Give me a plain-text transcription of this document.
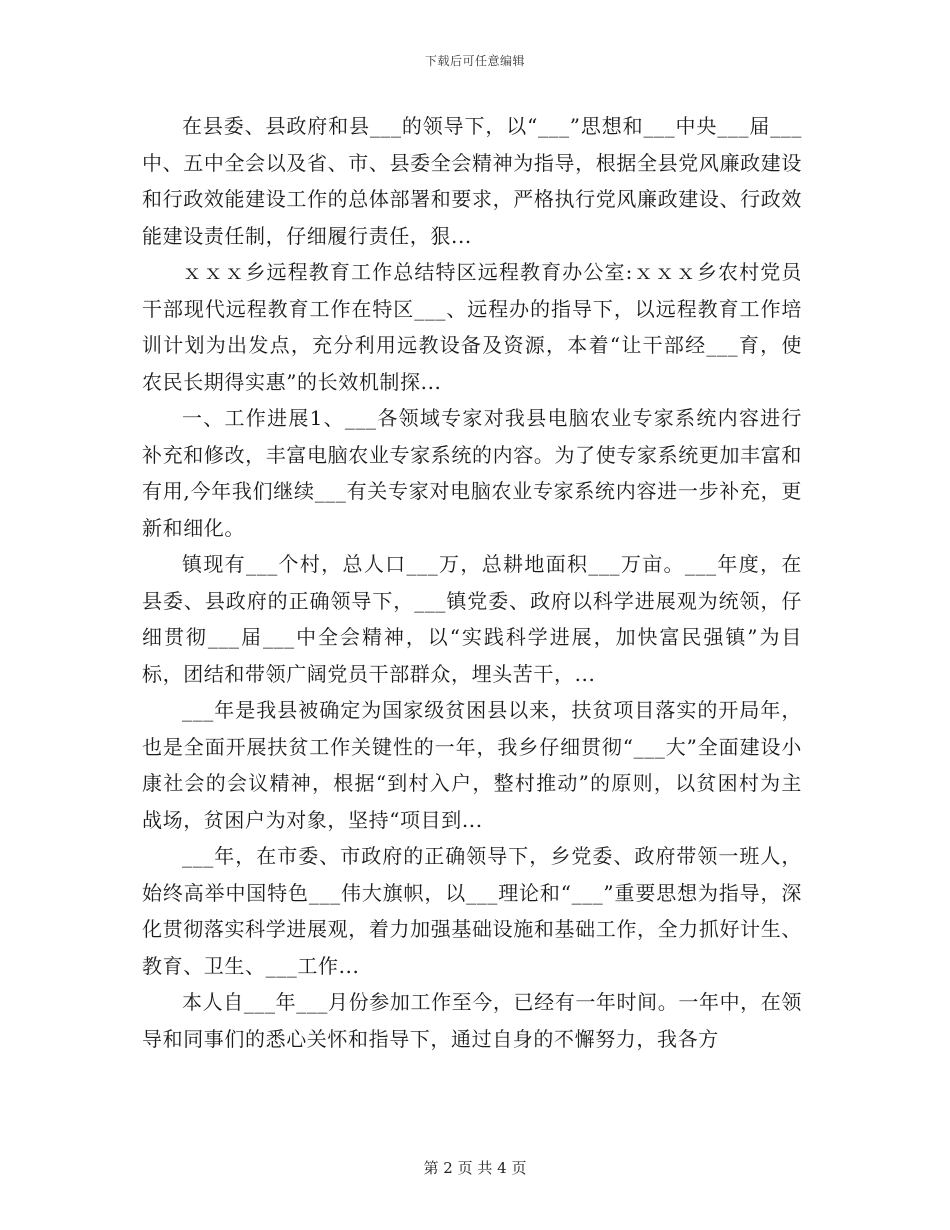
下载后可任意编辑

在县委、县政府和县___的领导下，以“___”思想和___中央___届___中、五中全会以及省、市、县委全会精神为指导，根据全县党风廉政建设和行政效能建设工作的总体部署和要求，严格执行党风廉政建设、行政效能建设责任制，仔细履行责任，狠...

ｘｘｘ乡远程教育工作总结特区远程教育办公室:ｘｘｘ乡农村党员干部现代远程教育工作在特区___、远程办的指导下，以远程教育工作培训计划为出发点，充分利用远教设备及资源，本着“让干部经___育，使农民长期得实惠”的长效机制探...

一、工作进展1、___各领域专家对我县电脑农业专家系统内容进行补充和修改，丰富电脑农业专家系统的内容。为了使专家系统更加丰富和有用,今年我们继续___有关专家对电脑农业专家系统内容进一步补充，更新和细化。

镇现有___个村，总人口___万，总耕地面积___万亩。___年度，在县委、县政府的正确领导下，___镇党委、政府以科学进展观为统领，仔细贯彻___届___中全会精神，以“实践科学进展，加快富民强镇”为目标，团结和带领广阔党员干部群众，埋头苦干，...

___年是我县被确定为国家级贫困县以来，扶贫项目落实的开局年，也是全面开展扶贫工作关键性的一年，我乡仔细贯彻“___大”全面建设小康社会的会议精神，根据“到村入户，整村推动”的原则，以贫困村为主战场，贫困户为对象，坚持“项目到...

___年，在市委、市政府的正确领导下，乡党委、政府带领一班人，始终高举中国特色___伟大旗帜，以___理论和“___”重要思想为指导，深化贯彻落实科学进展观，着力加强基础设施和基础工作，全力抓好计生、教育、卫生、___工作...

本人自___年___月份参加工作至今，已经有一年时间。一年中，在领导和同事们的悉心关怀和指导下，通过自身的不懈努力，我各方

第 2 页 共 4 页
